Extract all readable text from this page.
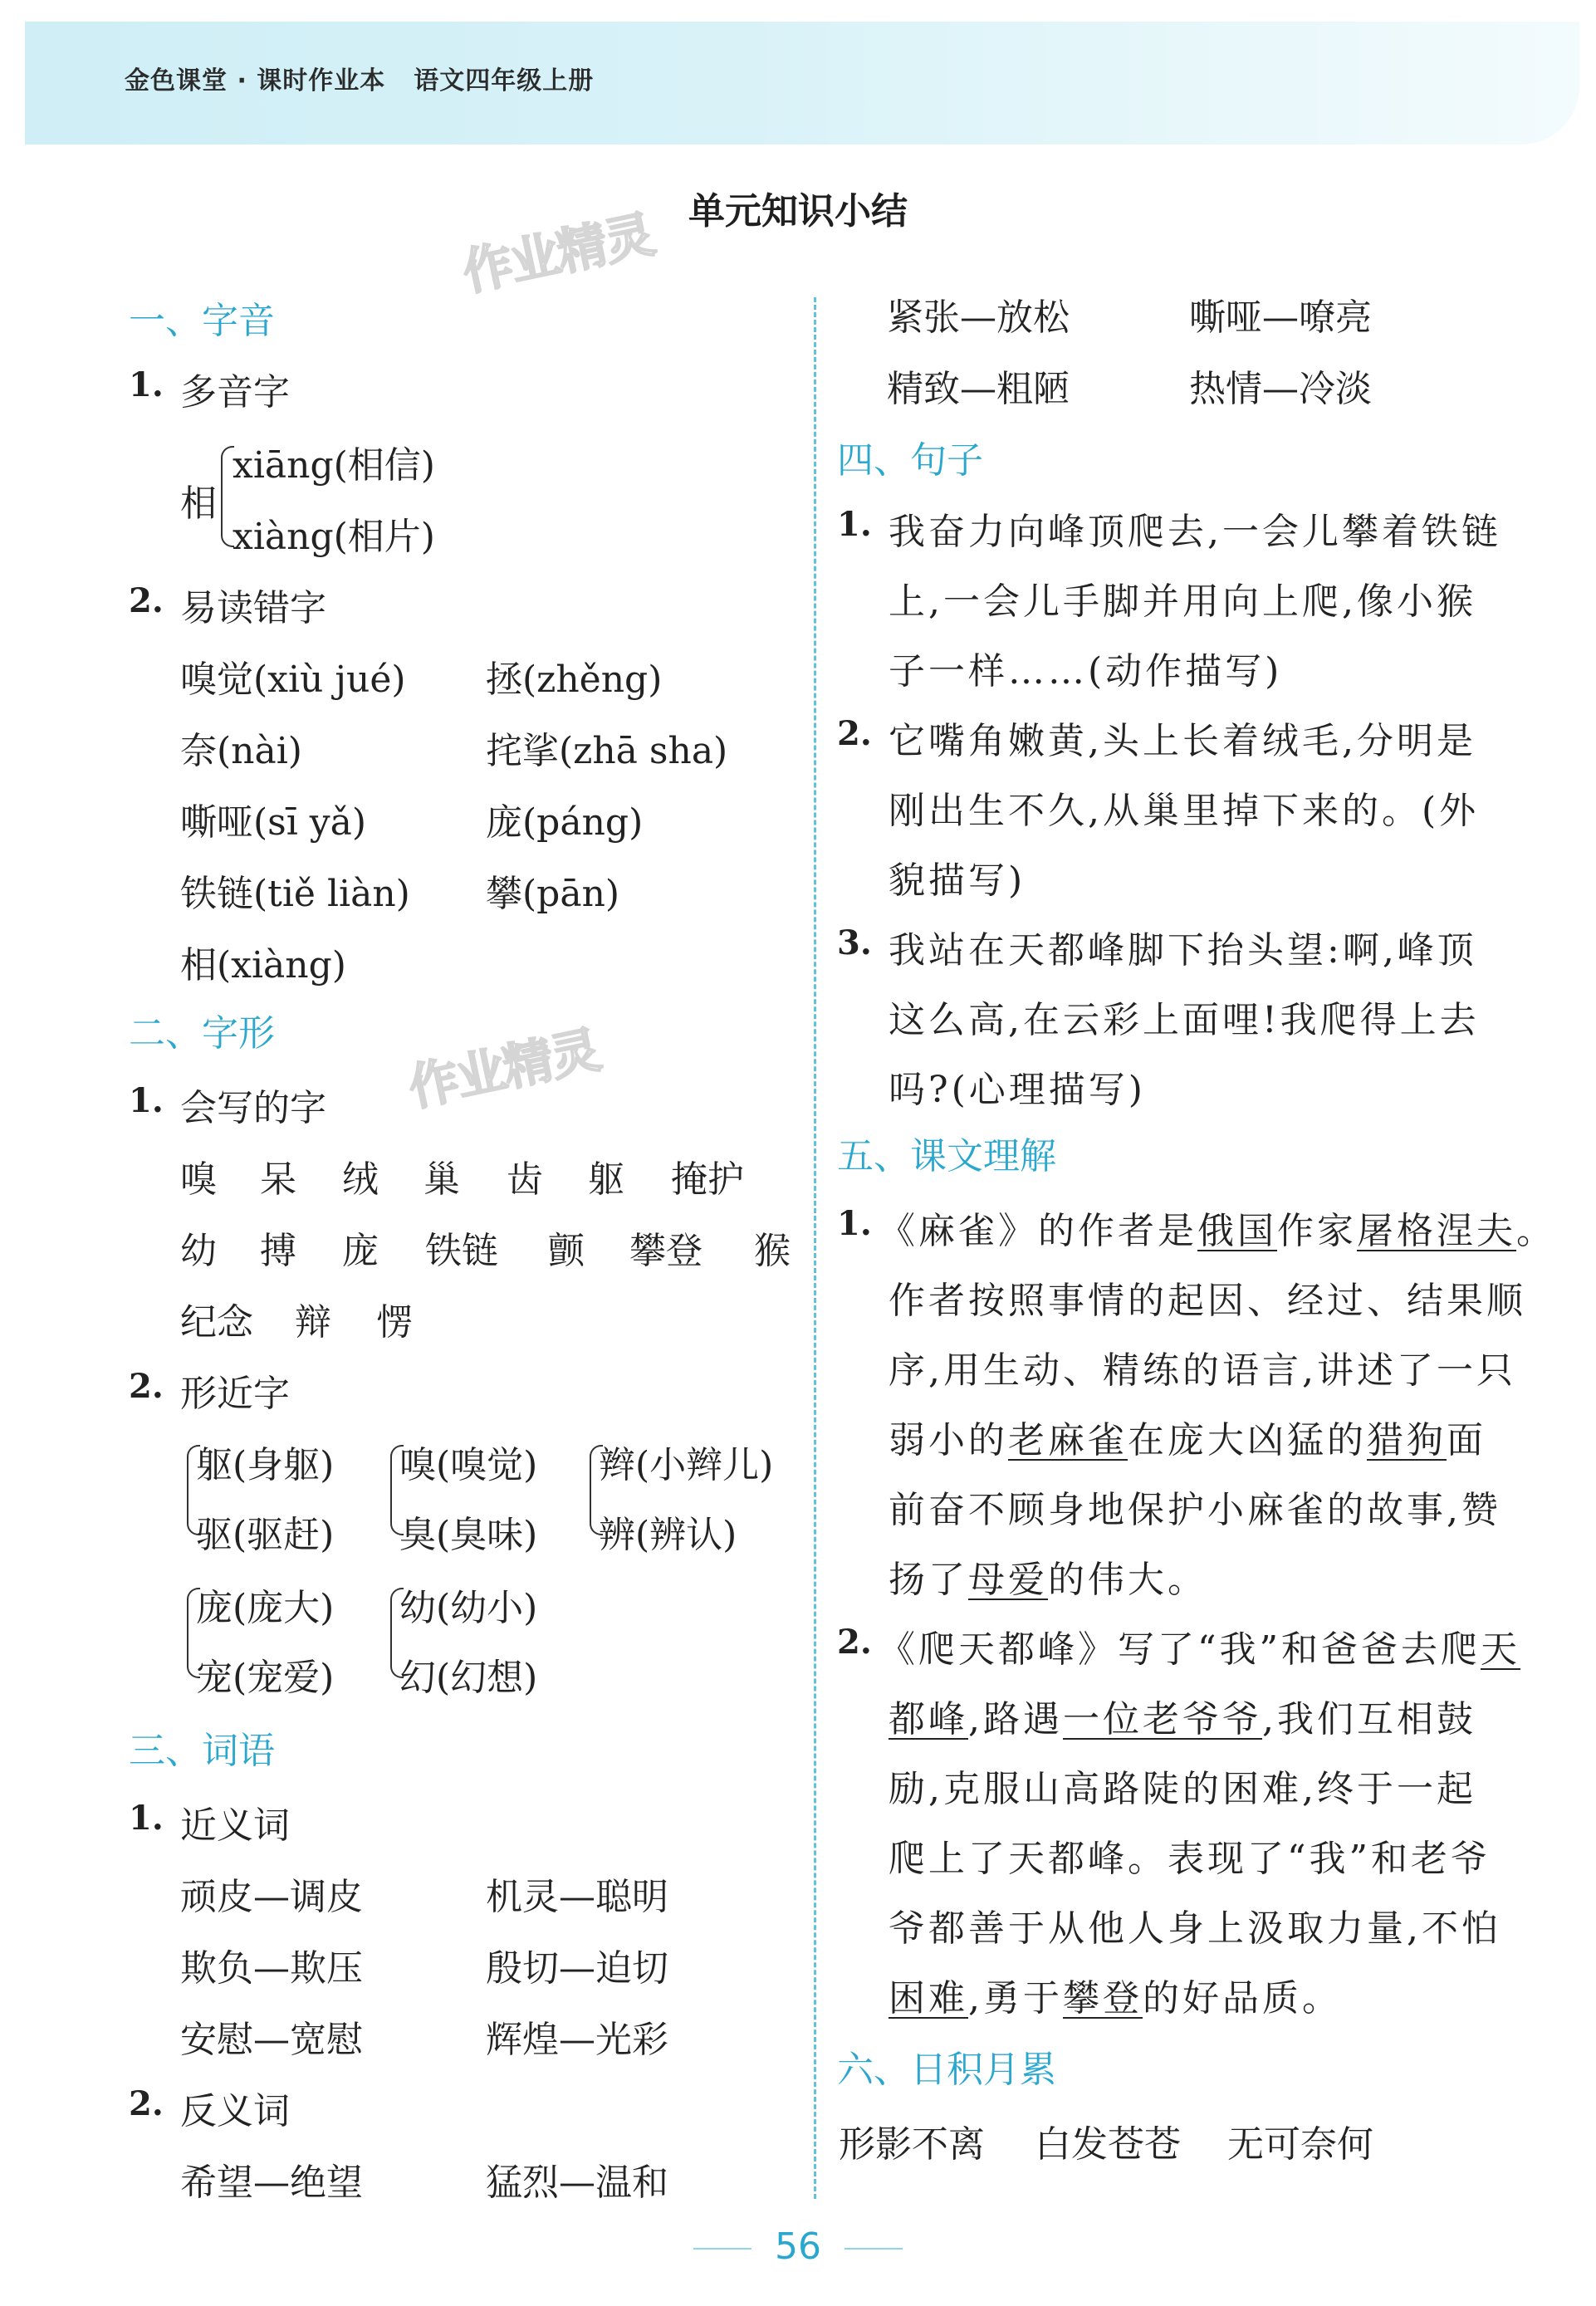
金色课堂 · 课时作业本 语文四年级上册
单元知识小结
作业精灵
作业精灵
一、字音
1. 多音字
相
xiāng(相信)
xiàng(相片)
2. 易读错字
嗅觉(xiù jué) 拯(zhěng)
奈(nài)	挓挲(zhā sha)
嘶哑(sī yǎ)	庞(páng)
铁链(tiě liàn) 攀(pān)
相(xiàng)
二、字形
1. 会写的字
嗅 呆 绒 巢 齿 躯 掩护
幼 搏 庞 铁链 颤 攀登 猴
纪念 辩 愣
2. 形近字
躯(身躯)
驱(驱赶)
嗅(嗅觉)
臭(臭味)
辫(小辫儿)
辨(辨认)
庞(庞大)
宠(宠爱)
幼(幼小)
幻(幻想)
三、词语
1. 近义词
顽皮—调皮	机灵—聪明
欺负—欺压	殷切—迫切
安慰—宽慰	辉煌—光彩
2. 反义词
希望—绝望	猛烈—温和
紧张—放松	嘶哑—嘹亮
精致—粗陋	热情—冷淡
四、句子
1. 我奋力向峰顶爬去,一会儿攀着铁链
上,一会儿手脚并用向上爬,像小猴
子一样……(动作描写)
2. 它嘴角嫩黄,头上长着绒毛,分明是
刚出生不久,从巢里掉下来的。(外
貌描写)
3. 我站在天都峰脚下抬头望:啊,峰顶
这么高,在云彩上面哩!我爬得上去
吗?(心理描写)
五、课文理解
1. 《麻雀》的作者是俄国作家屠格涅夫。
作者按照事情的起因、经过、结果顺
序,用生动、精练的语言,讲述了一只
弱小的老麻雀在庞大凶猛的猎狗面
前奋不顾身地保护小麻雀的故事,赞
扬了母爱的伟大。
2. 《爬天都峰》写了“我”和爸爸去爬天
都峰,路遇一位老爷爷,我们互相鼓
励,克服山高路陡的困难,终于一起
爬上了天都峰。表现了“我”和老爷
爷都善于从他人身上汲取力量,不怕
困难,勇于攀登的好品质。
六、日积月累
形影不离 白发苍苍 无可奈何
56
